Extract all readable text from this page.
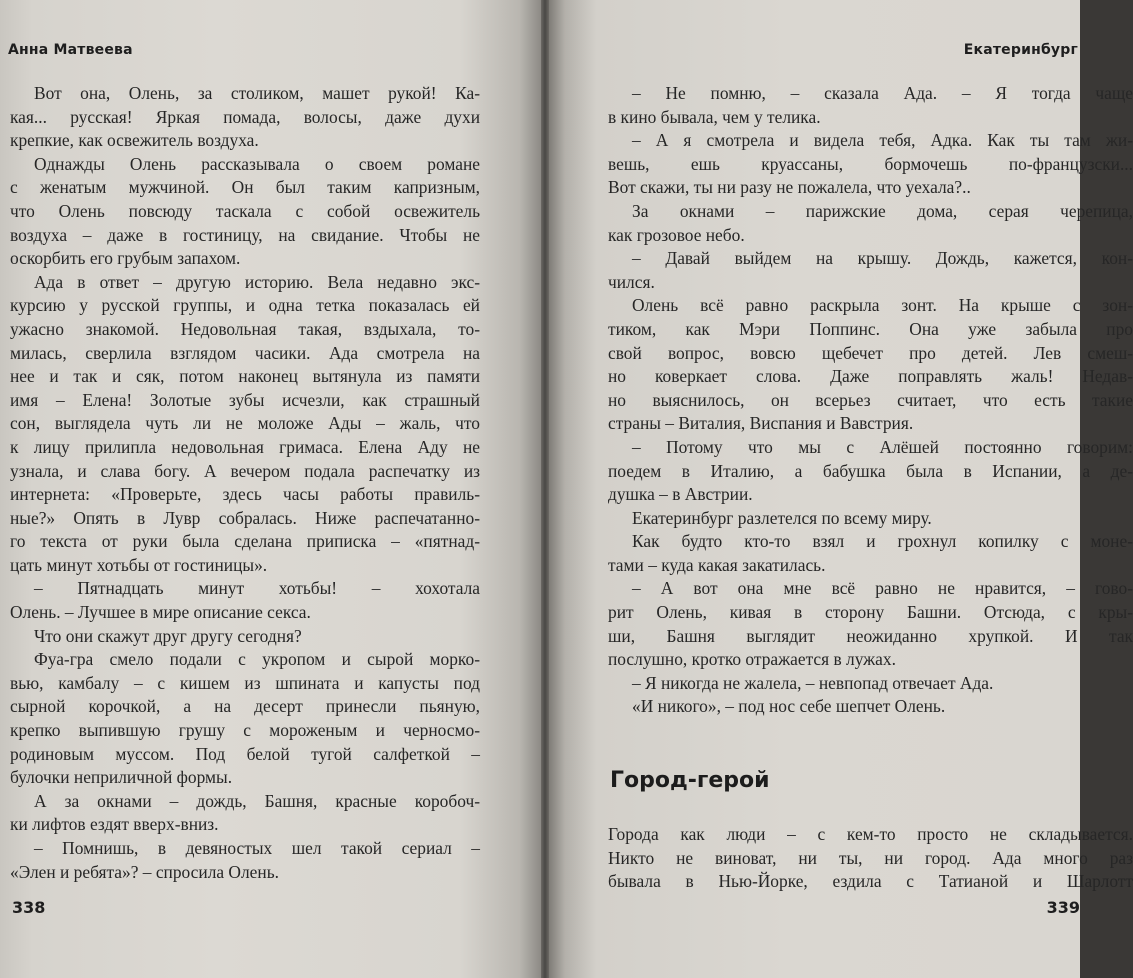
Анна Матвеева
Вот она, Олень, за столиком, машет рукой! Ка-
кая... русская! Яркая помада, волосы, даже духи
крепкие, как освежитель воздуха.
Однажды Олень рассказывала о своем романе
с женатым мужчиной. Он был таким капризным,
что Олень повсюду таскала с собой освежитель
воздуха – даже в гостиницу, на свидание. Чтобы не
оскорбить его грубым запахом.
Ада в ответ – другую историю. Вела недавно экс-
курсию у русской группы, и одна тетка показалась ей
ужасно знакомой. Недовольная такая, вздыхала, то-
милась, сверлила взглядом часики. Ада смотрела на
нее и так и сяк, потом наконец вытянула из памяти
имя – Елена! Золотые зубы исчезли, как страшный
сон, выглядела чуть ли не моложе Ады – жаль, что
к лицу прилипла недовольная гримаса. Елена Аду не
узнала, и слава богу. А вечером подала распечатку из
интернета: «Проверьте, здесь часы работы правиль-
ные?» Опять в Лувр собралась. Ниже распечатанно-
го текста от руки была сделана приписка – «пятнад-
цать минут хотьбы от гостиницы».
– Пятнадцать минут хотьбы! – хохотала
Олень. – Лучшее в мире описание секса.
Что они скажут друг другу сегодня?
Фуа-гра смело подали с укропом и сырой морко-
вью, камбалу – с кишем из шпината и капусты под
сырной корочкой, а на десерт принесли пьяную,
крепко выпившую грушу с мороженым и черносмо-
родиновым муссом. Под белой тугой салфеткой –
булочки неприличной формы.
А за окнами – дождь, Башня, красные коробоч-
ки лифтов ездят вверх-вниз.
– Помнишь, в девяностых шел такой сериал –
«Элен и ребята»? – спросила Олень.
338
Екатеринбург
– Не помню, – сказала Ада. – Я тогда чаще
в кино бывала, чем у телика.
– А я смотрела и видела тебя, Адка. Как ты там жи-
вешь, ешь круассаны, бормочешь по-французски...
Вот скажи, ты ни разу не пожалела, что уехала?..
За окнами – парижские дома, серая черепица,
как грозовое небо.
– Давай выйдем на крышу. Дождь, кажется, кон-
чился.
Олень всё равно раскрыла зонт. На крыше с зон-
тиком, как Мэри Поппинс. Она уже забыла про
свой вопрос, вовсю щебечет про детей. Лев смеш-
но коверкает слова. Даже поправлять жаль! Недав-
но выяснилось, он всерьез считает, что есть такие
страны – Виталия, Виспания и Вавстрия.
– Потому что мы с Алёшей постоянно говорим:
поедем в Италию, а бабушка была в Испании, а де-
душка – в Австрии.
Екатеринбург разлетелся по всему миру.
Как будто кто-то взял и грохнул копилку с моне-
тами – куда какая закатилась.
– А вот она мне всё равно не нравится, – гово-
рит Олень, кивая в сторону Башни. Отсюда, с кры-
ши, Башня выглядит неожиданно хрупкой. И так
послушно, кротко отражается в лужах.
– Я никогда не жалела, – невпопад отвечает Ада.
«И никого», – под нос себе шепчет Олень.
Город-герой
Города как люди – с кем-то просто не складывается.
Никто не виноват, ни ты, ни город. Ада много раз
бывала в Нью-Йорке, ездила с Татианой и Шарлотт
339
